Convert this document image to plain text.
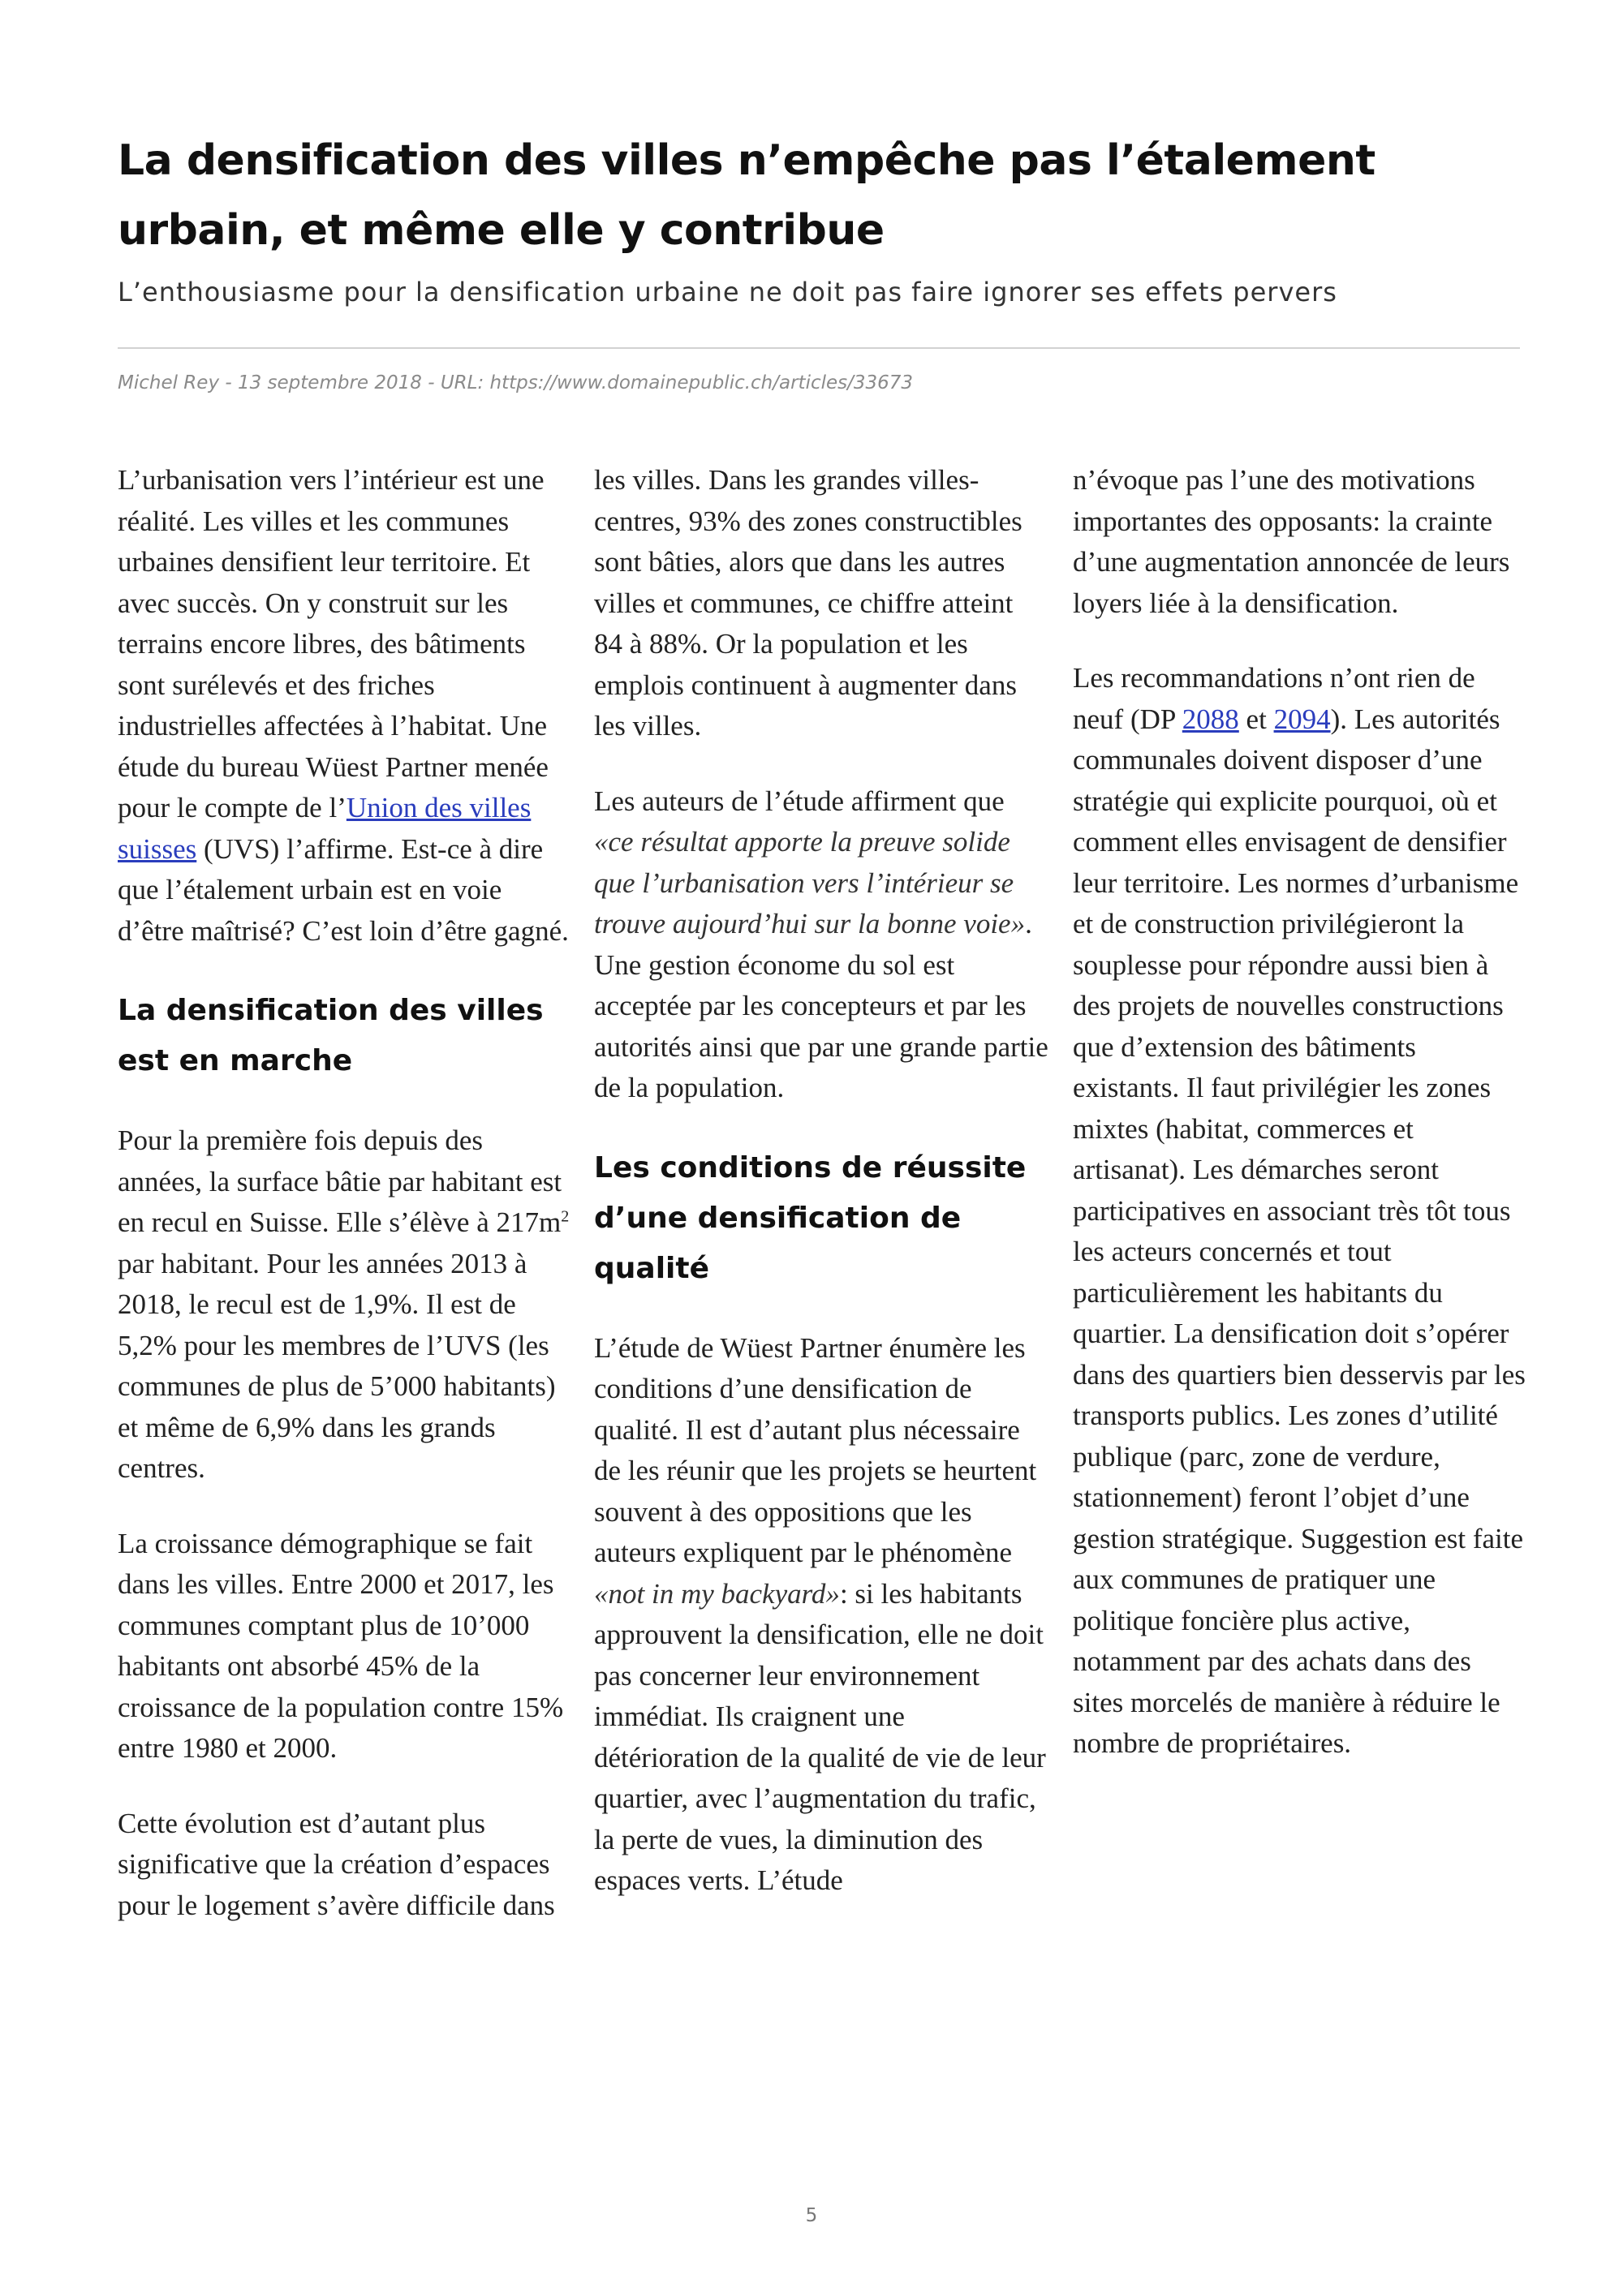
La densification des villes n’empêche pas l’étalement urbain, et même elle y contribue

L’enthousiasme pour la densification urbaine ne doit pas faire ignorer ses effets pervers

Michel Rey - 13 septembre 2018 - URL: https://www.domainepublic.ch/articles/33673

L’urbanisation vers l’intérieur est une réalité. Les villes et les communes urbaines densifient leur territoire. Et avec succès. On y construit sur les terrains encore libres, des bâtiments sont surélevés et des friches industrielles affectées à l’habitat. Une étude du bureau Wüest Partner menée pour le compte de l’Union des villes suisses (UVS) l’affirme. Est-ce à dire que l’étalement urbain est en voie d’être maîtrisé? C’est loin d’être gagné.

La densification des villes est en marche

Pour la première fois depuis des années, la surface bâtie par habitant est en recul en Suisse. Elle s’élève à $217m^2$ par habitant. Pour les années 2013 à 2018, le recul est de 1,9%. Il est de 5,2% pour les membres de l’UVS (les communes de plus de 5’000 habitants) et même de 6,9% dans les grands centres.

La croissance démographique se fait dans les villes. Entre 2000 et 2017, les communes comptant plus de 10’000 habitants ont absorbé 45% de la croissance de la population contre 15% entre 1980 et 2000.

Cette évolution est d’autant plus significative que la création d’espaces pour le logement s’avère difficile dans

les villes. Dans les grandes villes-centres, 93% des zones constructibles sont bâties, alors que dans les autres villes et communes, ce chiffre atteint 84 à 88%. Or la population et les emplois continuent à augmenter dans les villes.

Les auteurs de l’étude affirment que «ce résultat apporte la preuve solide que l’urbanisation vers l’intérieur se trouve aujourd’hui sur la bonne voie». Une gestion économe du sol est acceptée par les concepteurs et par les autorités ainsi que par une grande partie de la population.

Les conditions de réussite d’une densification de qualité

L’étude de Wüest Partner énumère les conditions d’une densification de qualité. Il est d’autant plus nécessaire de les réunir que les projets se heurtent souvent à des oppositions que les auteurs expliquent par le phénomène «not in my backyard»: si les habitants approuvent la densification, elle ne doit pas concerner leur environnement immédiat. Ils craignent une détérioration de la qualité de vie de leur quartier, avec l’augmentation du trafic, la perte de vues, la diminution des espaces verts. L’étude

n’évoque pas l’une des motivations importantes des opposants: la crainte d’une augmentation annoncée de leurs loyers liée à la densification.

Les recommandations n’ont rien de neuf (DP 2088 et 2094). Les autorités communales doivent disposer d’une stratégie qui explicite pourquoi, où et comment elles envisagent de densifier leur territoire. Les normes d’urbanisme et de construction privilégieront la souplesse pour répondre aussi bien à des projets de nouvelles constructions que d’extension des bâtiments existants. Il faut privilégier les zones mixtes (habitat, commerces et artisanat). Les démarches seront participatives en associant très tôt tous les acteurs concernés et tout particulièrement les habitants du quartier. La densification doit s’opérer dans des quartiers bien desservis par les transports publics. Les zones d’utilité publique (parc, zone de verdure, stationnement) feront l’objet d’une gestion stratégique. Suggestion est faite aux communes de pratiquer une politique foncière plus active, notamment par des achats dans des sites morcelés de manière à réduire le nombre de propriétaires.

5
